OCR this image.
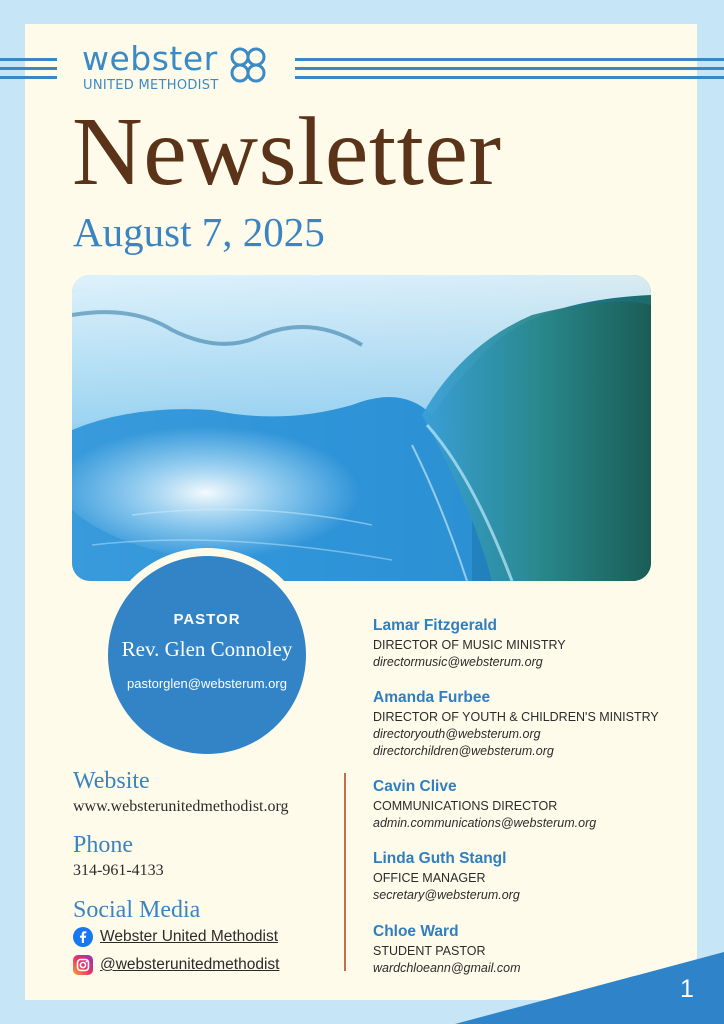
webster
UNITED METHODIST
Newsletter
August 7, 2025
PASTOR
Rev. Glen Connoley
pastorglen@websterum.org
Website
www.websterunitedmethodist.org
Phone
314-961-4133
Social Media
Webster United Methodist
@websterunitedmethodist
Lamar Fitzgerald
DIRECTOR OF MUSIC MINISTRY
directormusic@websterum.org
Amanda Furbee
DIRECTOR OF YOUTH & CHILDREN'S MINISTRY
directoryouth@websterum.org
directorchildren@websterum.org
Cavin Clive
COMMUNICATIONS DIRECTOR
admin.communications@websterum.org
Linda Guth Stangl
OFFICE MANAGER
secretary@websterum.org
Chloe Ward
STUDENT PASTOR
wardchloeann@gmail.com
1
